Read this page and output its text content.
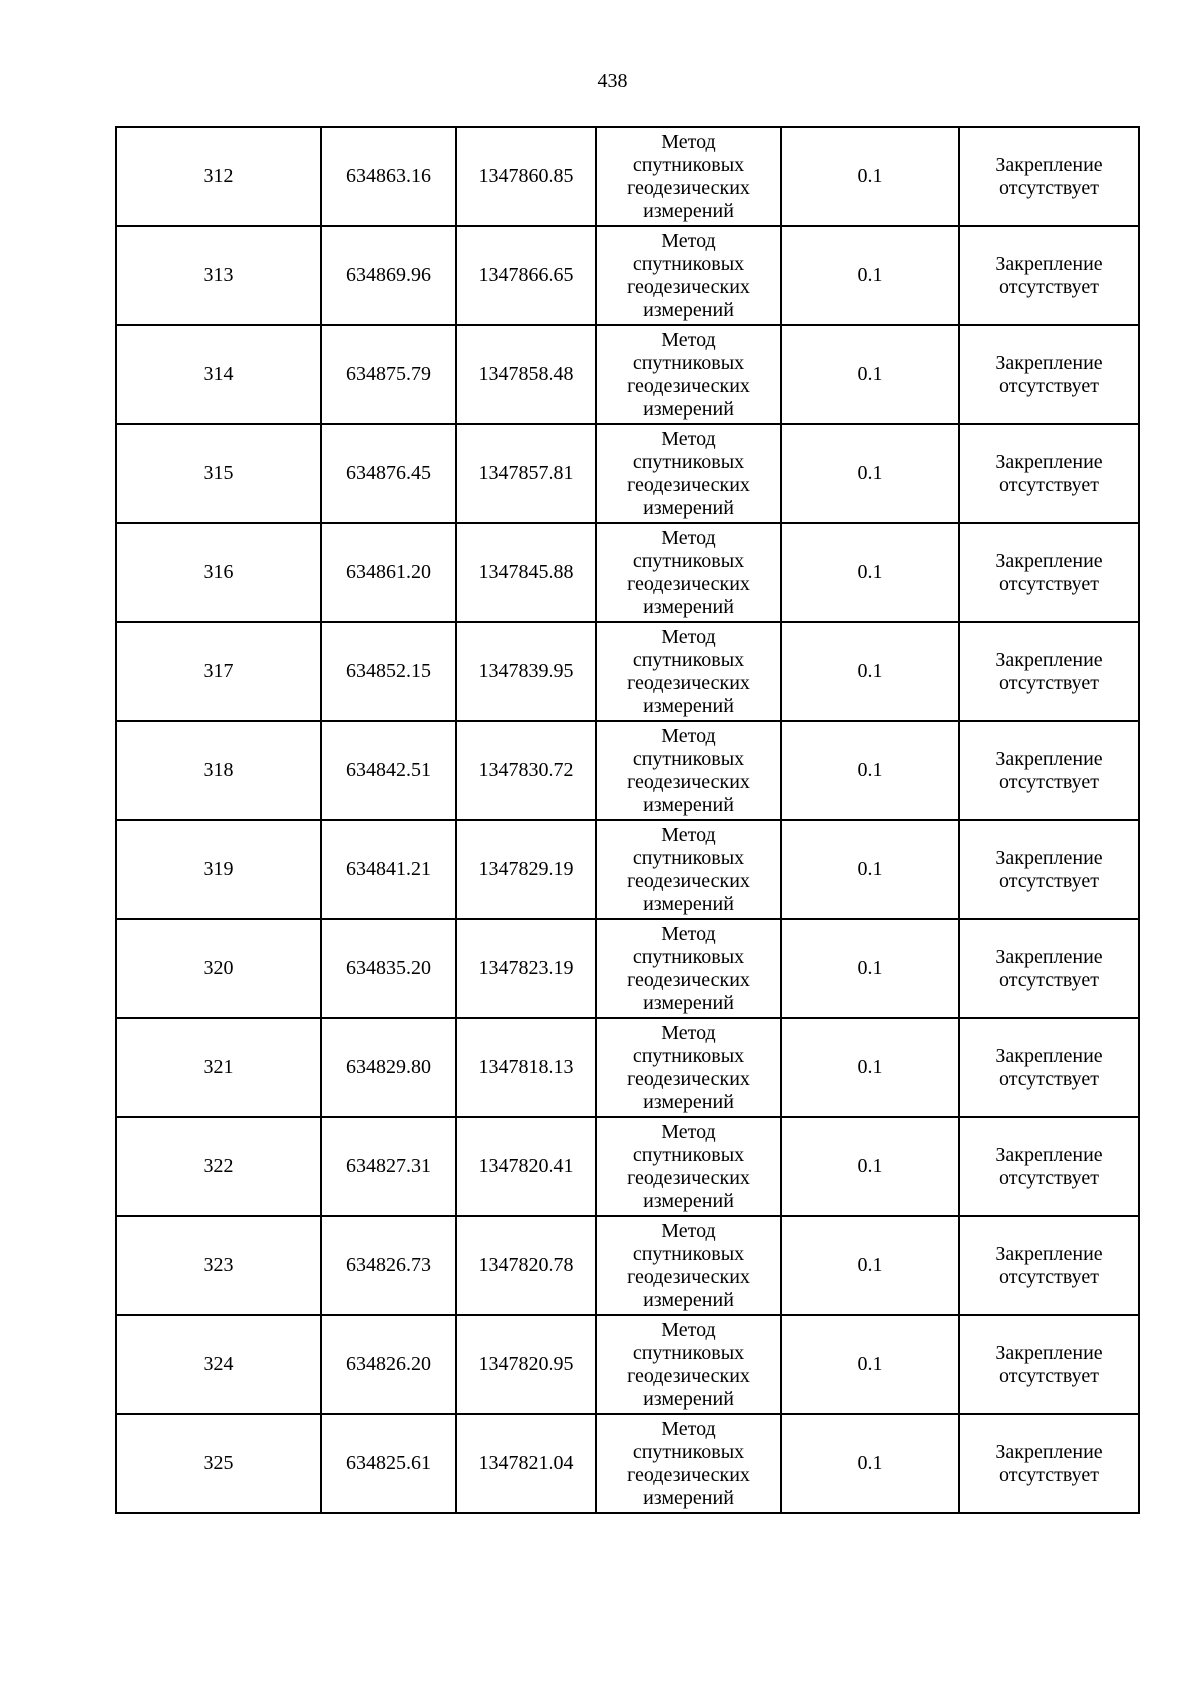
438
312	634863.16	1347860.85	Метод спутниковых геодезических измерений	0.1	Закрепление отсутствует

313	634869.96	1347866.65	Метод спутниковых геодезических измерений	0.1	Закрепление отсутствует

314	634875.79	1347858.48	Метод спутниковых геодезических измерений	0.1	Закрепление отсутствует

315	634876.45	1347857.81	Метод спутниковых геодезических измерений	0.1	Закрепление отсутствует

316	634861.20	1347845.88	Метод спутниковых геодезических измерений	0.1	Закрепление отсутствует

317	634852.15	1347839.95	Метод спутниковых геодезических измерений	0.1	Закрепление отсутствует

318	634842.51	1347830.72	Метод спутниковых геодезических измерений	0.1	Закрепление отсутствует

319	634841.21	1347829.19	Метод спутниковых геодезических измерений	0.1	Закрепление отсутствует

320	634835.20	1347823.19	Метод спутниковых геодезических измерений	0.1	Закрепление отсутствует

321	634829.80	1347818.13	Метод спутниковых геодезических измерений	0.1	Закрепление отсутствует

322	634827.31	1347820.41	Метод спутниковых геодезических измерений	0.1	Закрепление отсутствует

323	634826.73	1347820.78	Метод спутниковых геодезических измерений	0.1	Закрепление отсутствует

324	634826.20	1347820.95	Метод спутниковых геодезических измерений	0.1	Закрепление отсутствует

325	634825.61	1347821.04	Метод спутниковых геодезических измерений	0.1	Закрепление отсутствует
